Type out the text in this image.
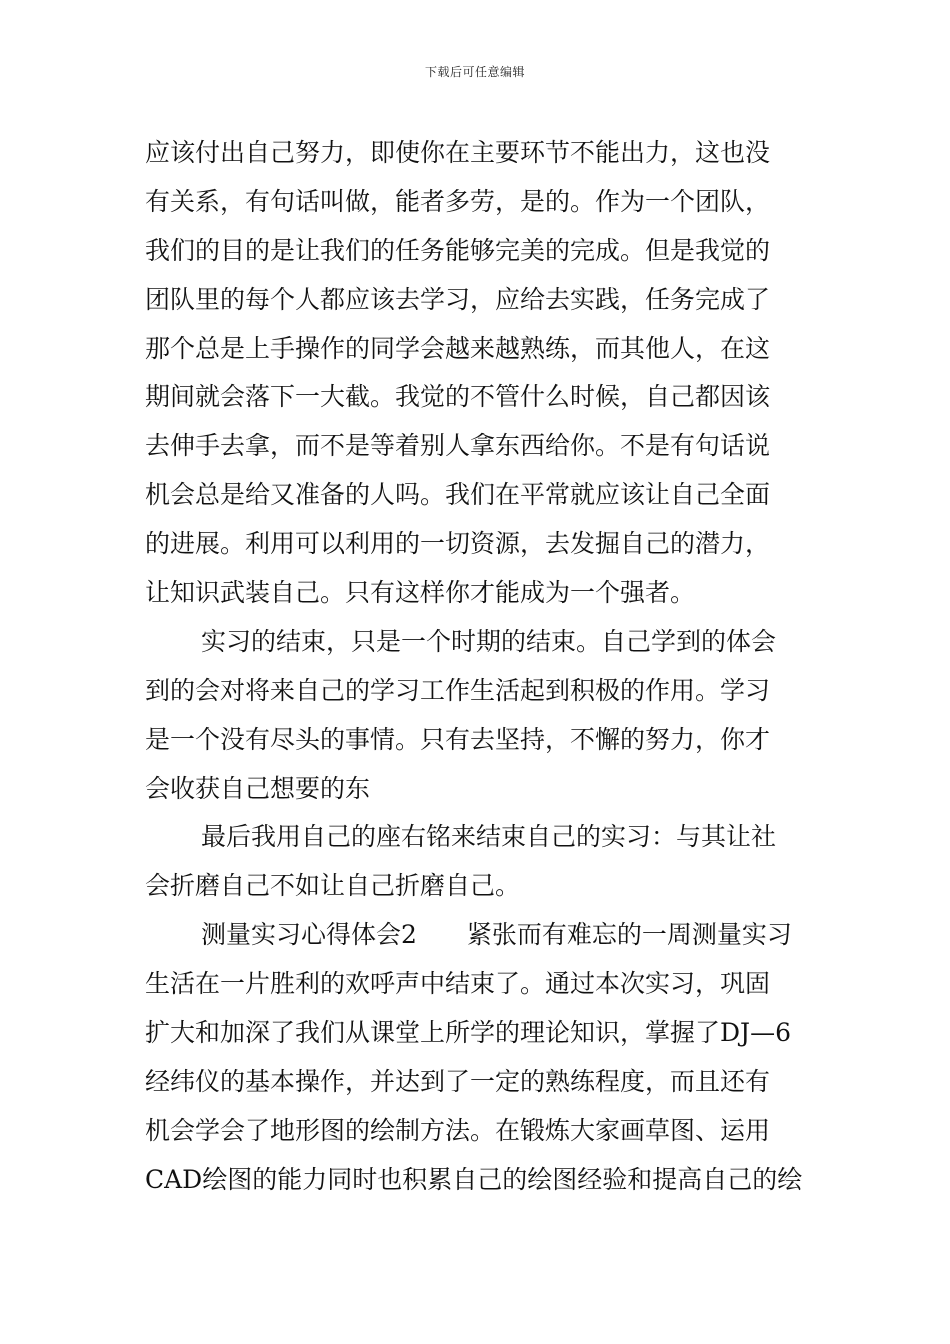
下载后可任意编辑
应该付出自己努力，即使你在主要环节不能出力，这也没
有关系，有句话叫做，能者多劳，是的。作为一个团队，
我们的目的是让我们的任务能够完美的完成。但是我觉的
团队里的每个人都应该去学习，应给去实践，任务完成了
那个总是上手操作的同学会越来越熟练，而其他人，在这
期间就会落下一大截。我觉的不管什么时候，自己都因该
去伸手去拿，而不是等着别人拿东西给你。不是有句话说
机会总是给又准备的人吗。我们在平常就应该让自己全面
的进展。利用可以利用的一切资源，去发掘自己的潜力，
让知识武装自己。只有这样你才能成为一个强者。
实习的结束，只是一个时期的结束。自己学到的体会
到的会对将来自己的学习工作生活起到积极的作用。学习
是一个没有尽头的事情。只有去坚持，不懈的努力，你才
会收获自己想要的东
最后我用自己的座右铭来结束自己的实习：与其让社
会折磨自己不如让自己折磨自己。
测量实习心得体会2　　紧张而有难忘的一周测量实习
生活在一片胜利的欢呼声中结束了。通过本次实习，巩固
扩大和加深了我们从课堂上所学的理论知识，掌握了DJ—6
经纬仪的基本操作，并达到了一定的熟练程度，而且还有
机会学会了地形图的绘制方法。在锻炼大家画草图、运用
CAD绘图的能力同时也积累自己的绘图经验和提高自己的绘
